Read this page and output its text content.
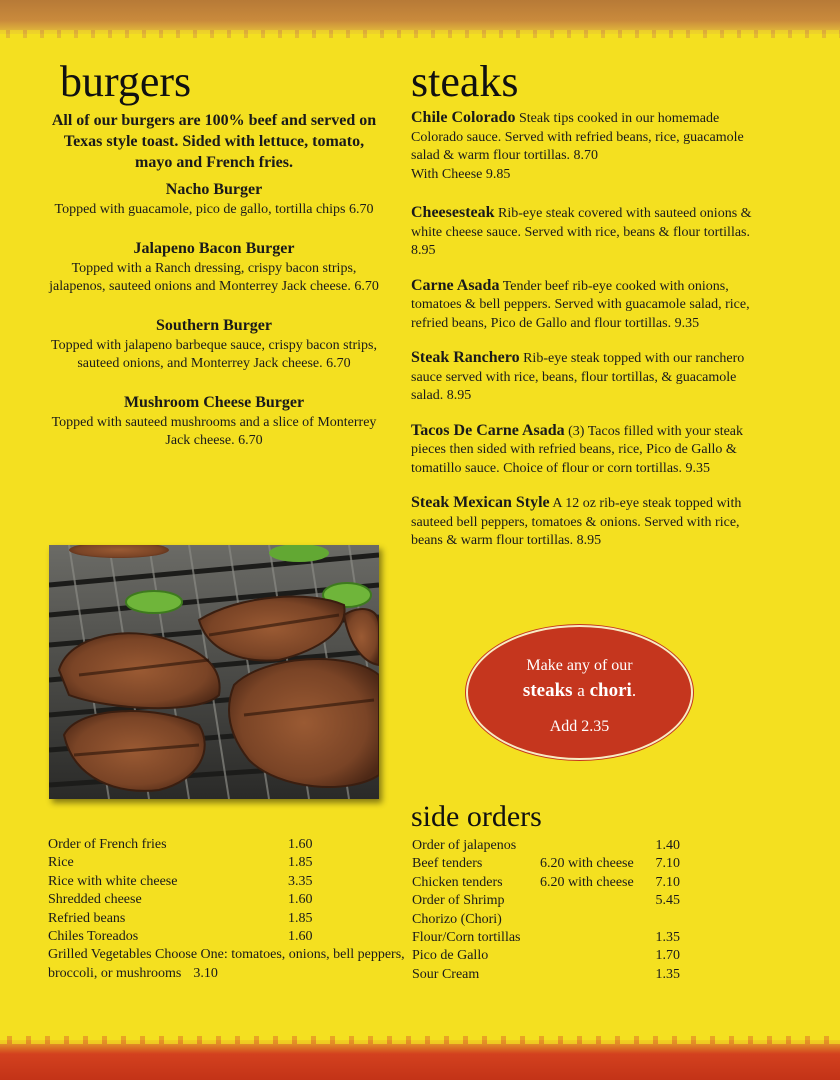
burgers	steaks

All of our burgers are 100% beef and served on Texas style toast. Sided with lettuce, tomato, mayo and French fries.

Nacho Burger
Topped with guacamole, pico de gallo, tortilla chips 6.70
Jalapeno Bacon Burger
Topped with a Ranch dressing, crispy bacon strips, jalapenos, sauteed onions and Monterrey Jack cheese. 6.70
Southern Burger
Topped with jalapeno barbeque sauce, crispy bacon strips, sauteed onions, and Monterrey Jack cheese. 6.70
Mushroom Cheese Burger
Topped with sauteed mushrooms and a slice of Monterrey Jack cheese. 6.70
Chile Colorado Steak tips cooked in our homemade Colorado sauce. Served with refried beans, rice, guacamole salad & warm flour tortillas. 8.70
With Cheese 9.85
Cheesesteak Rib-eye steak covered with sauteed onions & white cheese sauce. Served with rice, beans & flour tortillas. 8.95
Carne Asada Tender beef rib-eye cooked with onions, tomatoes & bell peppers. Served with guacamole salad, rice, refried beans, Pico de Gallo and flour tortillas. 9.35
Steak Ranchero Rib-eye steak topped with our ranchero sauce served with rice, beans, flour tortillas, & guacamole salad. 8.95
Tacos De Carne Asada (3) Tacos filled with your steak pieces then sided with refried beans, rice, Pico de Gallo & tomatillo sauce. Choice of flour or corn tortillas. 9.35
Steak Mexican Style A 12 oz rib-eye steak topped with sauteed bell peppers, tomatoes & onions. Served with rice, beans & warm flour tortillas. 8.95
Make any of our
steaks a chori.
Add 2.35
side orders
Order of French fries	1.60
Rice	1.85
Rice with white cheese	3.35
Shredded cheese	1.60
Refried beans	1.85
Chiles Toreados	1.60
Grilled Vegetables Choose One: tomatoes, onions, bell peppers, broccoli, or mushrooms 3.10
Order of jalapenos	1.40
Beef tenders	6.20 with cheese 7.10
Chicken tenders	6.20 with cheese 7.10
Order of Shrimp	5.45
Chorizo (Chori)
Flour/Corn tortillas	1.35
Pico de Gallo	1.70
Sour Cream	1.35
